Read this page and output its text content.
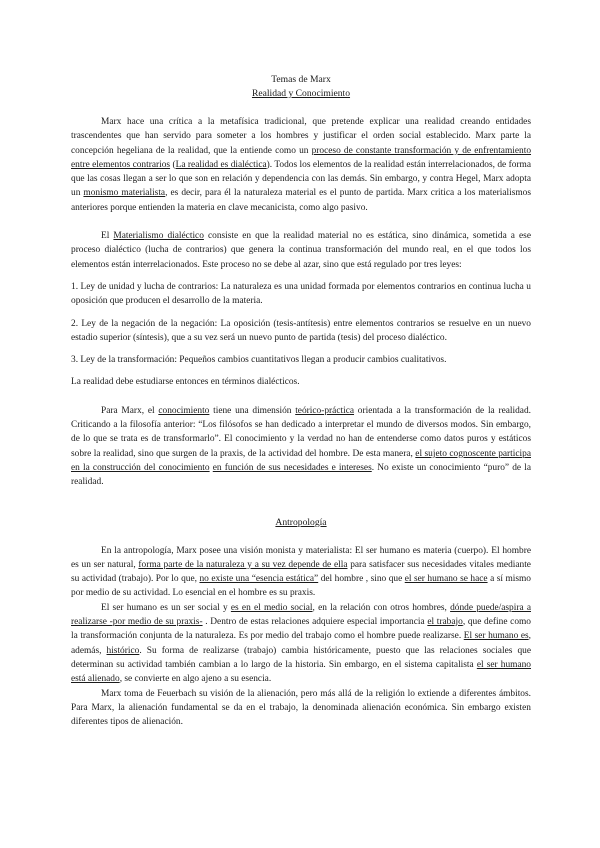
Temas de Marx
Realidad y Conocimiento

Marx hace una crítica a la metafísica tradicional, que pretende explicar una realidad creando entidades trascendentes que han servido para someter a los hombres y justificar el orden social establecido. Marx parte la concepción hegeliana de la realidad, que la entiende como un proceso de constante transformación y de enfrentamiento entre elementos contrarios (La realidad es dialéctica). Todos los elementos de la realidad están interrelacionados, de forma que las cosas llegan a ser lo que son en relación y dependencia con las demás. Sin embargo, y contra Hegel, Marx adopta un monismo materialista, es decir, para él la naturaleza material es el punto de partida. Marx critica a los materialismos anteriores porque entienden la materia en clave mecanicista, como algo pasivo.

El Materialismo dialéctico consiste en que la realidad material no es estática, sino dinámica, sometida a ese proceso dialéctico (lucha de contrarios) que genera la continua transformación del mundo real, en el que todos los elementos están interrelacionados. Este proceso no se debe al azar, sino que está regulado por tres leyes:

1. Ley de unidad y lucha de contrarios: La naturaleza es una unidad formada por elementos contrarios en continua lucha u oposición que producen el desarrollo de la materia.

2. Ley de la negación de la negación: La oposición (tesis-antítesis) entre elementos contrarios se resuelve en un nuevo estadio superior (síntesis), que a su vez será un nuevo punto de partida (tesis) del proceso dialéctico.

3. Ley de la transformación: Pequeños cambios cuantitativos llegan a producir cambios cualitativos.

La realidad debe estudiarse entonces en términos dialécticos.

Para Marx, el conocimiento tiene una dimensión teórico-práctica orientada a la transformación de la realidad. Criticando a la filosofía anterior: “Los filósofos se han dedicado a interpretar el mundo de diversos modos. Sin embargo, de lo que se trata es de transformarlo”. El conocimiento y la verdad no han de entenderse como datos puros y estáticos sobre la realidad, sino que surgen de la praxis, de la actividad del hombre. De esta manera, el sujeto cognoscente participa en la construcción del conocimiento en función de sus necesidades e intereses. No existe un conocimiento “puro” de la realidad.

Antropología

En la antropología, Marx posee una visión monista y materialista: El ser humano es materia (cuerpo). El hombre es un ser natural, forma parte de la naturaleza y a su vez depende de ella para satisfacer sus necesidades vitales mediante su actividad (trabajo). Por lo que, no existe una “esencia estática” del hombre , sino que el ser humano se hace a sí mismo por medio de su actividad. Lo esencial en el hombre es su praxis.

El ser humano es un ser social y es en el medio social, en la relación con otros hombres, dónde puede/aspira a realizarse -por medio de su praxis- . Dentro de estas relaciones adquiere especial importancia el trabajo, que define como la transformación conjunta de la naturaleza. Es por medio del trabajo como el hombre puede realizarse. El ser humano es, además, histórico. Su forma de realizarse (trabajo) cambia históricamente, puesto que las relaciones sociales que determinan su actividad también cambian a lo largo de la historia. Sin embargo, en el sistema capitalista el ser humano está alienado, se convierte en algo ajeno a su esencia.

Marx toma de Feuerbach su visión de la alienación, pero más allá de la religión lo extiende a diferentes ámbitos. Para Marx, la alienación fundamental se da en el trabajo, la denominada alienación económica. Sin embargo existen diferentes tipos de alienación.
